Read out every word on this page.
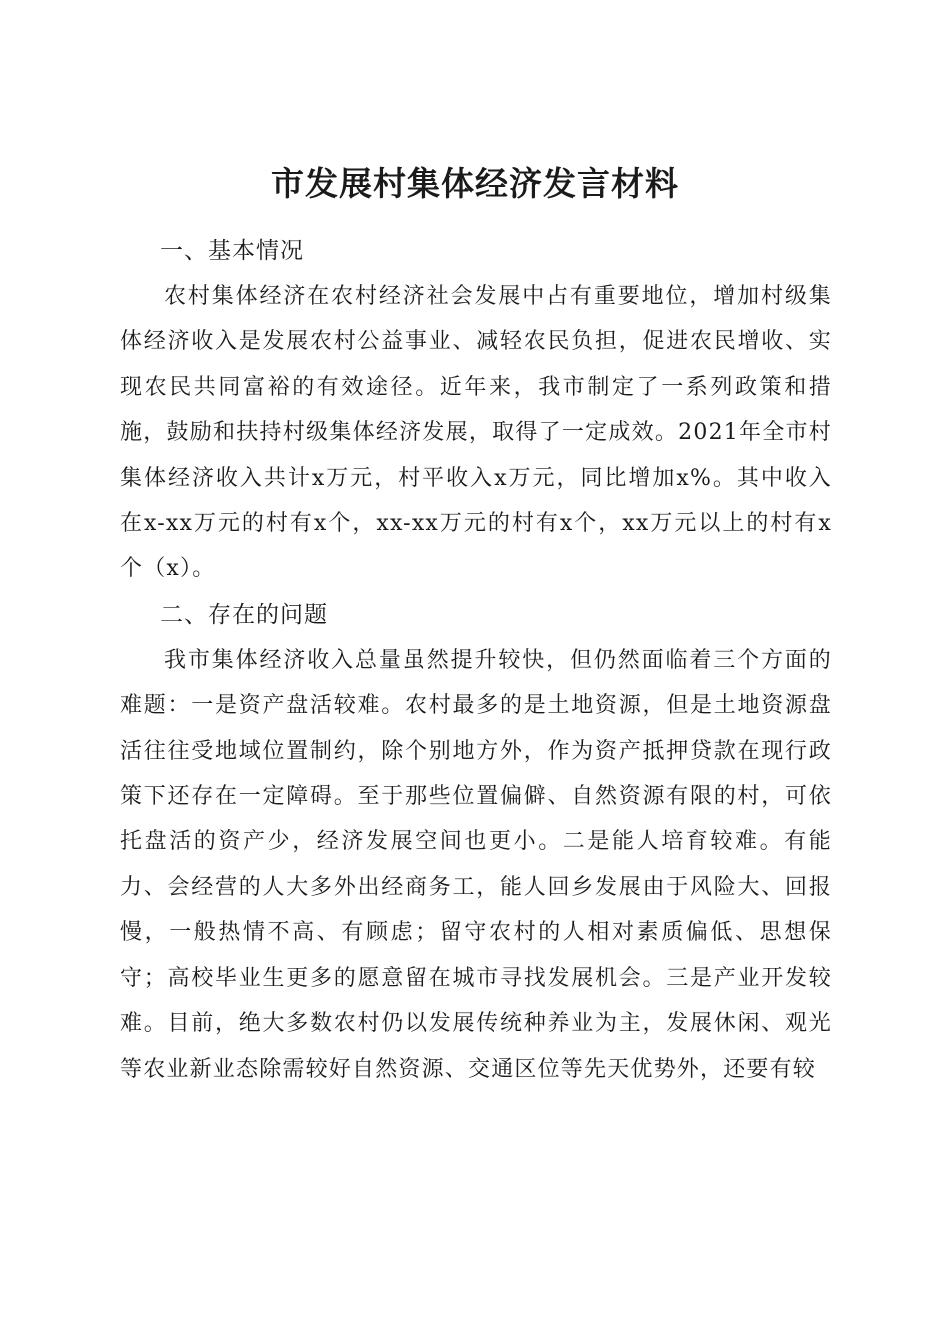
市发展村集体经济发言材料
一、基本情况

农村集体经济在农村经济社会发展中占有重要地位，增加村级集体经济收入是发展农村公益事业、减轻农民负担，促进农民增收、实现农民共同富裕的有效途径。近年来，我市制定了一系列政策和措施，鼓励和扶持村级集体经济发展，取得了一定成效。2021年全市村集体经济收入共计x万元，村平收入x万元，同比增加x%。其中收入在x-xx万元的村有x个，xx-xx万元的村有x个，xx万元以上的村有x个（x）。

二、存在的问题

我市集体经济收入总量虽然提升较快，但仍然面临着三个方面的难题：一是资产盘活较难。农村最多的是土地资源，但是土地资源盘活往往受地域位置制约，除个别地方外，作为资产抵押贷款在现行政策下还存在一定障碍。至于那些位置偏僻、自然资源有限的村，可依托盘活的资产少，经济发展空间也更小。二是能人培育较难。有能力、会经营的人大多外出经商务工，能人回乡发展由于风险大、回报慢，一般热情不高、有顾虑；留守农村的人相对素质偏低、思想保守；高校毕业生更多的愿意留在城市寻找发展机会。三是产业开发较难。目前，绝大多数农村仍以发展传统种养业为主，发展休闲、观光等农业新业态除需较好自然资源、交通区位等先天优势外，还要有较
